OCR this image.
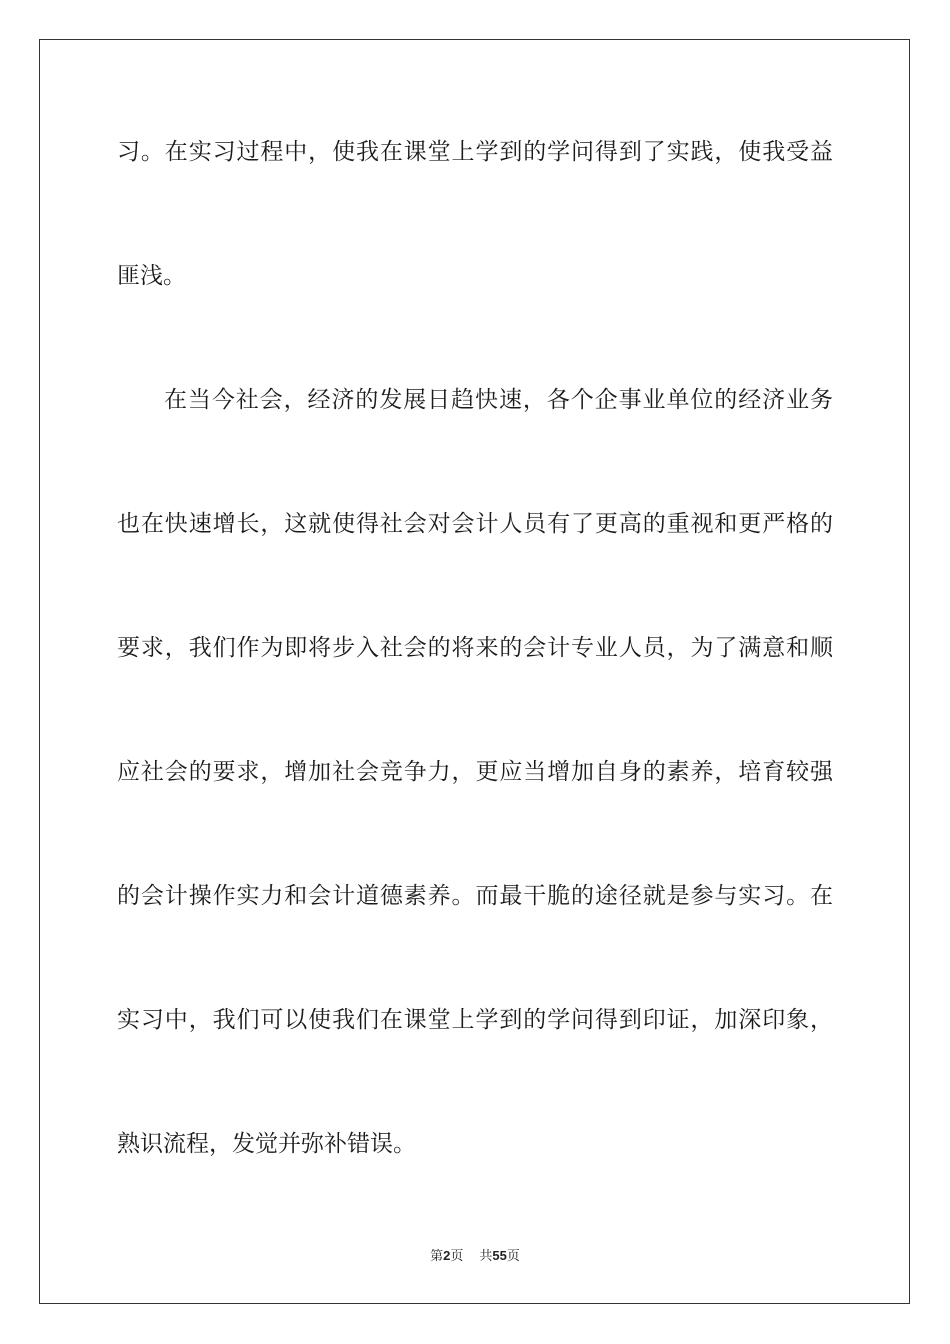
习。在实习过程中，使我在课堂上学到的学问得到了实践，使我受益
匪浅。
在当今社会，经济的发展日趋快速，各个企事业单位的经济业务
也在快速增长，这就使得社会对会计人员有了更高的重视和更严格的
要求，我们作为即将步入社会的将来的会计专业人员，为了满意和顺
应社会的要求，增加社会竞争力，更应当增加自身的素养，培育较强
的会计操作实力和会计道德素养。而最干脆的途径就是参与实习。在
实习中，我们可以使我们在课堂上学到的学问得到印证，加深印象，
熟识流程，发觉并弥补错误。
第2页 共55页
